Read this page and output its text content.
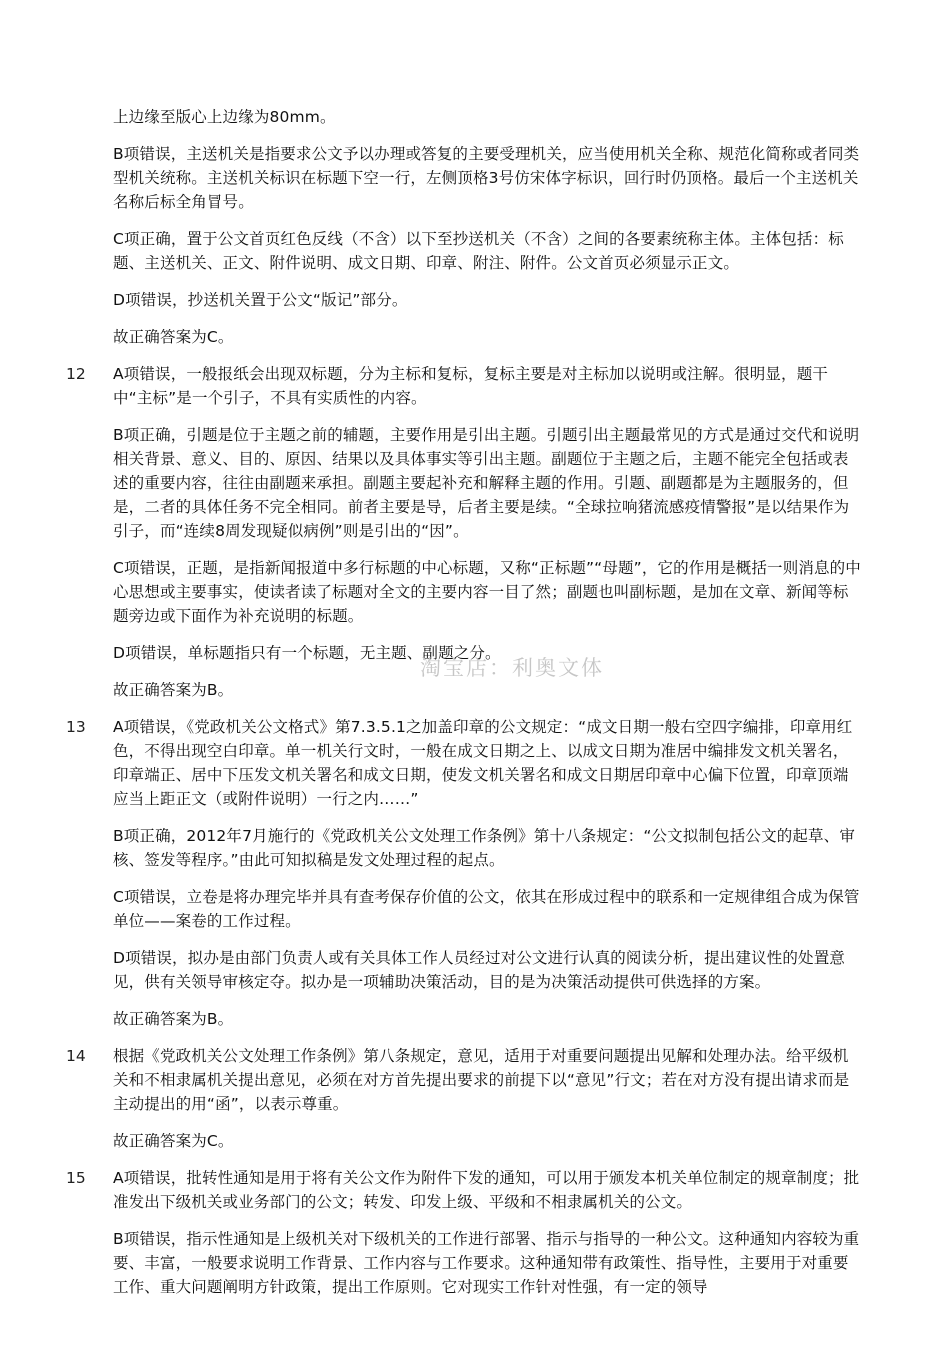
上边缘至版心上边缘为80mm。

B项错误，主送机关是指要求公文予以办理或答复的主要受理机关，应当使用机关全称、规范化简称或者同类型机关统称。主送机关标识在标题下空一行，左侧顶格3号仿宋体字标识，回行时仍顶格。最后一个主送机关名称后标全角冒号。

C项正确，置于公文首页红色反线（不含）以下至抄送机关（不含）之间的各要素统称主体。主体包括：标题、主送机关、正文、附件说明、成文日期、印章、附注、附件。公文首页必须显示正文。

D项错误，抄送机关置于公文“版记”部分。

故正确答案为C。

12 A项错误，一般报纸会出现双标题，分为主标和复标，复标主要是对主标加以说明或注解。很明显，题干中“主标”是一个引子，不具有实质性的内容。

B项正确，引题是位于主题之前的辅题，主要作用是引出主题。引题引出主题最常见的方式是通过交代和说明相关背景、意义、目的、原因、结果以及具体事实等引出主题。副题位于主题之后，主题不能完全包括或表述的重要内容，往往由副题来承担。副题主要起补充和解释主题的作用。引题、副题都是为主题服务的，但是，二者的具体任务不完全相同。前者主要是导，后者主要是续。“全球拉响猪流感疫情警报”是以结果作为引子，而“连续8周发现疑似病例”则是引出的“因”。

C项错误，正题，是指新闻报道中多行标题的中心标题，又称“正标题”“母题”，它的作用是概括一则消息的中心思想或主要事实，使读者读了标题对全文的主要内容一目了然；副题也叫副标题，是加在文章、新闻等标题旁边或下面作为补充说明的标题。

D项错误，单标题指只有一个标题，无主题、副题之分。

故正确答案为B。

13 A项错误，《党政机关公文格式》第7.3.5.1之加盖印章的公文规定：“成文日期一般右空四字编排，印章用红色，不得出现空白印章。单一机关行文时，一般在成文日期之上、以成文日期为准居中编排发文机关署名，印章端正、居中下压发文机关署名和成文日期，使发文机关署名和成文日期居印章中心偏下位置，印章顶端应当上距正文（或附件说明）一行之内……”

B项正确，2012年7月施行的《党政机关公文处理工作条例》第十八条规定：“公文拟制包括公文的起草、审核、签发等程序。”由此可知拟稿是发文处理过程的起点。

C项错误，立卷是将办理完毕并具有查考保存价值的公文，依其在形成过程中的联系和一定规律组合成为保管单位——案卷的工作过程。

D项错误，拟办是由部门负责人或有关具体工作人员经过对公文进行认真的阅读分析，提出建议性的处置意见，供有关领导审核定夺。拟办是一项辅助决策活动，目的是为决策活动提供可供选择的方案。

故正确答案为B。

14 根据《党政机关公文处理工作条例》第八条规定，意见，适用于对重要问题提出见解和处理办法。给平级机关和不相隶属机关提出意见，必须在对方首先提出要求的前提下以“意见”行文；若在对方没有提出请求而是主动提出的用“函”，以表示尊重。

故正确答案为C。

15 A项错误，批转性通知是用于将有关公文作为附件下发的通知，可以用于颁发本机关单位制定的规章制度；批准发出下级机关或业务部门的公文；转发、印发上级、平级和不相隶属机关的公文。

B项错误，指示性通知是上级机关对下级机关的工作进行部署、指示与指导的一种公文。这种通知内容较为重要、丰富，一般要求说明工作背景、工作内容与工作要求。这种通知带有政策性、指导性，主要用于对重要工作、重大问题阐明方针政策，提出工作原则。它对现实工作针对性强，有一定的领导

淘宝店：利奥文体
